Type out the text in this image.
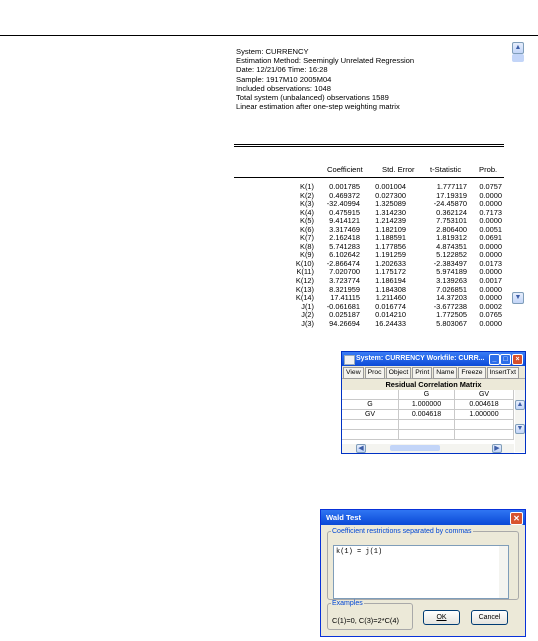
System: CURRENCY
Estimation Method: Seemingly Unrelated Regression
Date: 12/21/06 Time: 16:28
Sample: 1917M10 2005M04
Included observations: 1048
Total system (unbalanced) observations 1589
Linear estimation after one-step weighting matrix
Coefficient	Std. Error t-Statistic Prob.
K(1) 0.001785 0.001004	1.777117 0.0757
K(2) 0.469372 0.027300	17.19319 0.0000
K(3) -32.40994 1.325089	-24.45870 0.0000
K(4) 0.475915 1.314230	0.362124 0.7173
K(5) 9.414121 1.214239	7.753101 0.0000
K(6) 3.317469 1.182109	2.806400 0.0051
K(7) 2.162418 1.188591	1.819312 0.0691
K(8) 5.741283 1.177856	4.874351 0.0000
K(9) 6.102642 1.191259	5.122852 0.0000
K(10) -2.866474 1.202633	-2.383497 0.0173
K(11) 7.020700 1.175172	5.974189 0.0000
K(12) 3.723774 1.186194	3.139263 0.0017
K(13) 8.321959 1.184308	7.026851 0.0000
K(14) 17.41115 1.211460	14.37203 0.0000
J(1) -0.061681 0.016774	-3.677238 0.0002
J(2) 0.025187 0.014210	1.772505 0.0765
J(3) 94.26694 16.24433	5.803067 0.0000
▲
▼
System: CURRENCY Workfile: CURR...	_ □	×
View Proc Object Print Name Freeze InsertTxt
Residual Correlation Matrix
G	GV
G	1.000000	0.004618
GV	0.004618	1.000000
▲
▼
◀	▶
Wald Test	✕
Coefficient restrictions separated by commas
k(1) = j(1)
Examples
C(1)=0, C(3)=2*C(4)	OK	Cancel
